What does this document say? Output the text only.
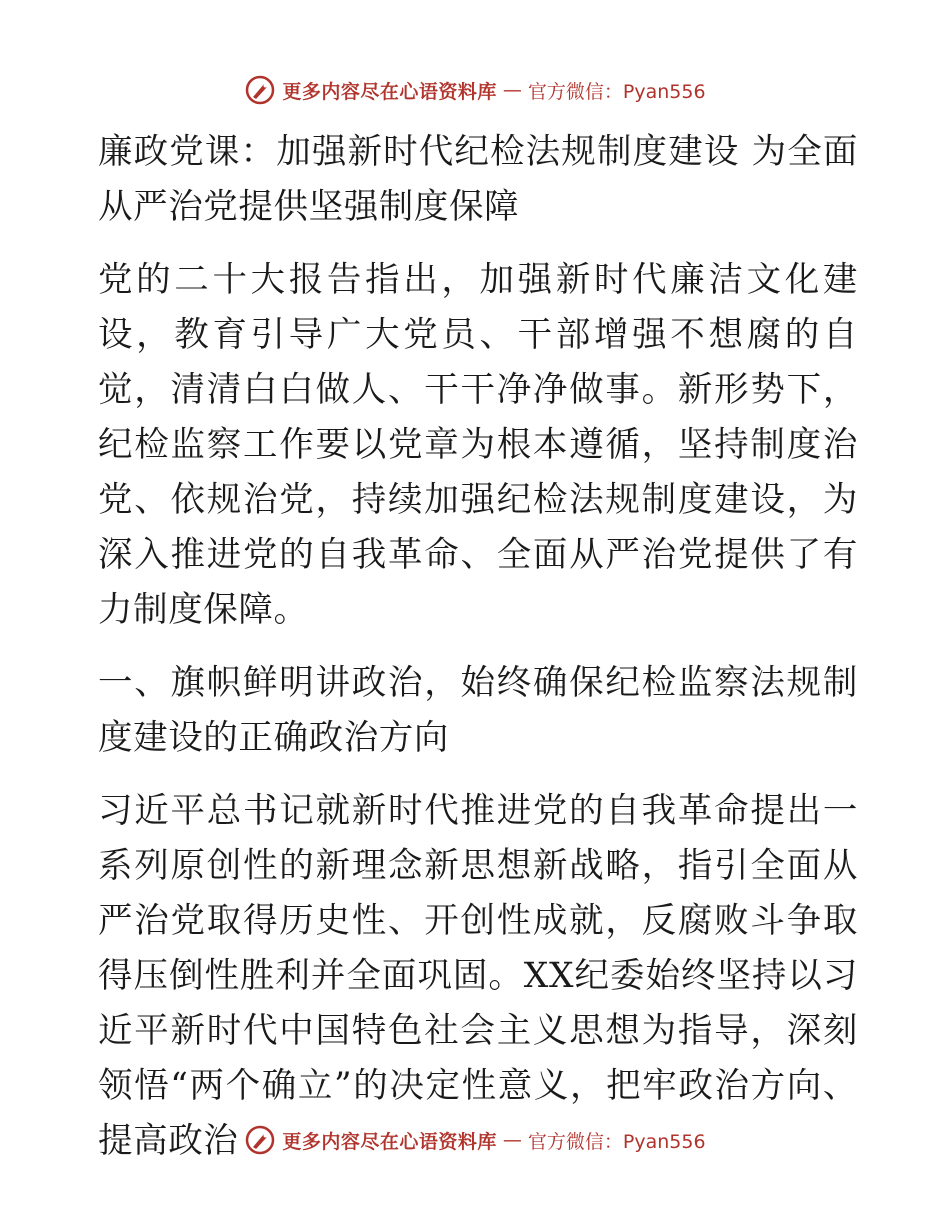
更多内容尽在心语资料库 — 官方微信：Pyan556

廉政党课：加强新时代纪检法规制度建设 为全面从严治党提供坚强制度保障

党的二十大报告指出，加强新时代廉洁文化建设，教育引导广大党员、干部增强不想腐的自觉，清清白白做人、干干净净做事。新形势下，纪检监察工作要以党章为根本遵循，坚持制度治党、依规治党，持续加强纪检法规制度建设，为深入推进党的自我革命、全面从严治党提供了有力制度保障。

一、旗帜鲜明讲政治，始终确保纪检监察法规制度建设的正确政治方向

习近平总书记就新时代推进党的自我革命提出一系列原创性的新理念新思想新战略，指引全面从严治党取得历史性、开创性成就，反腐败斗争取得压倒性胜利并全面巩固。XX纪委始终坚持以习近平新时代中国特色社会主义思想为指导，深刻领悟“两个确立”的决定性意义，把牢政治方向、提高政治	更多内容尽在心语资料库 — 官方微信：Pyan556
